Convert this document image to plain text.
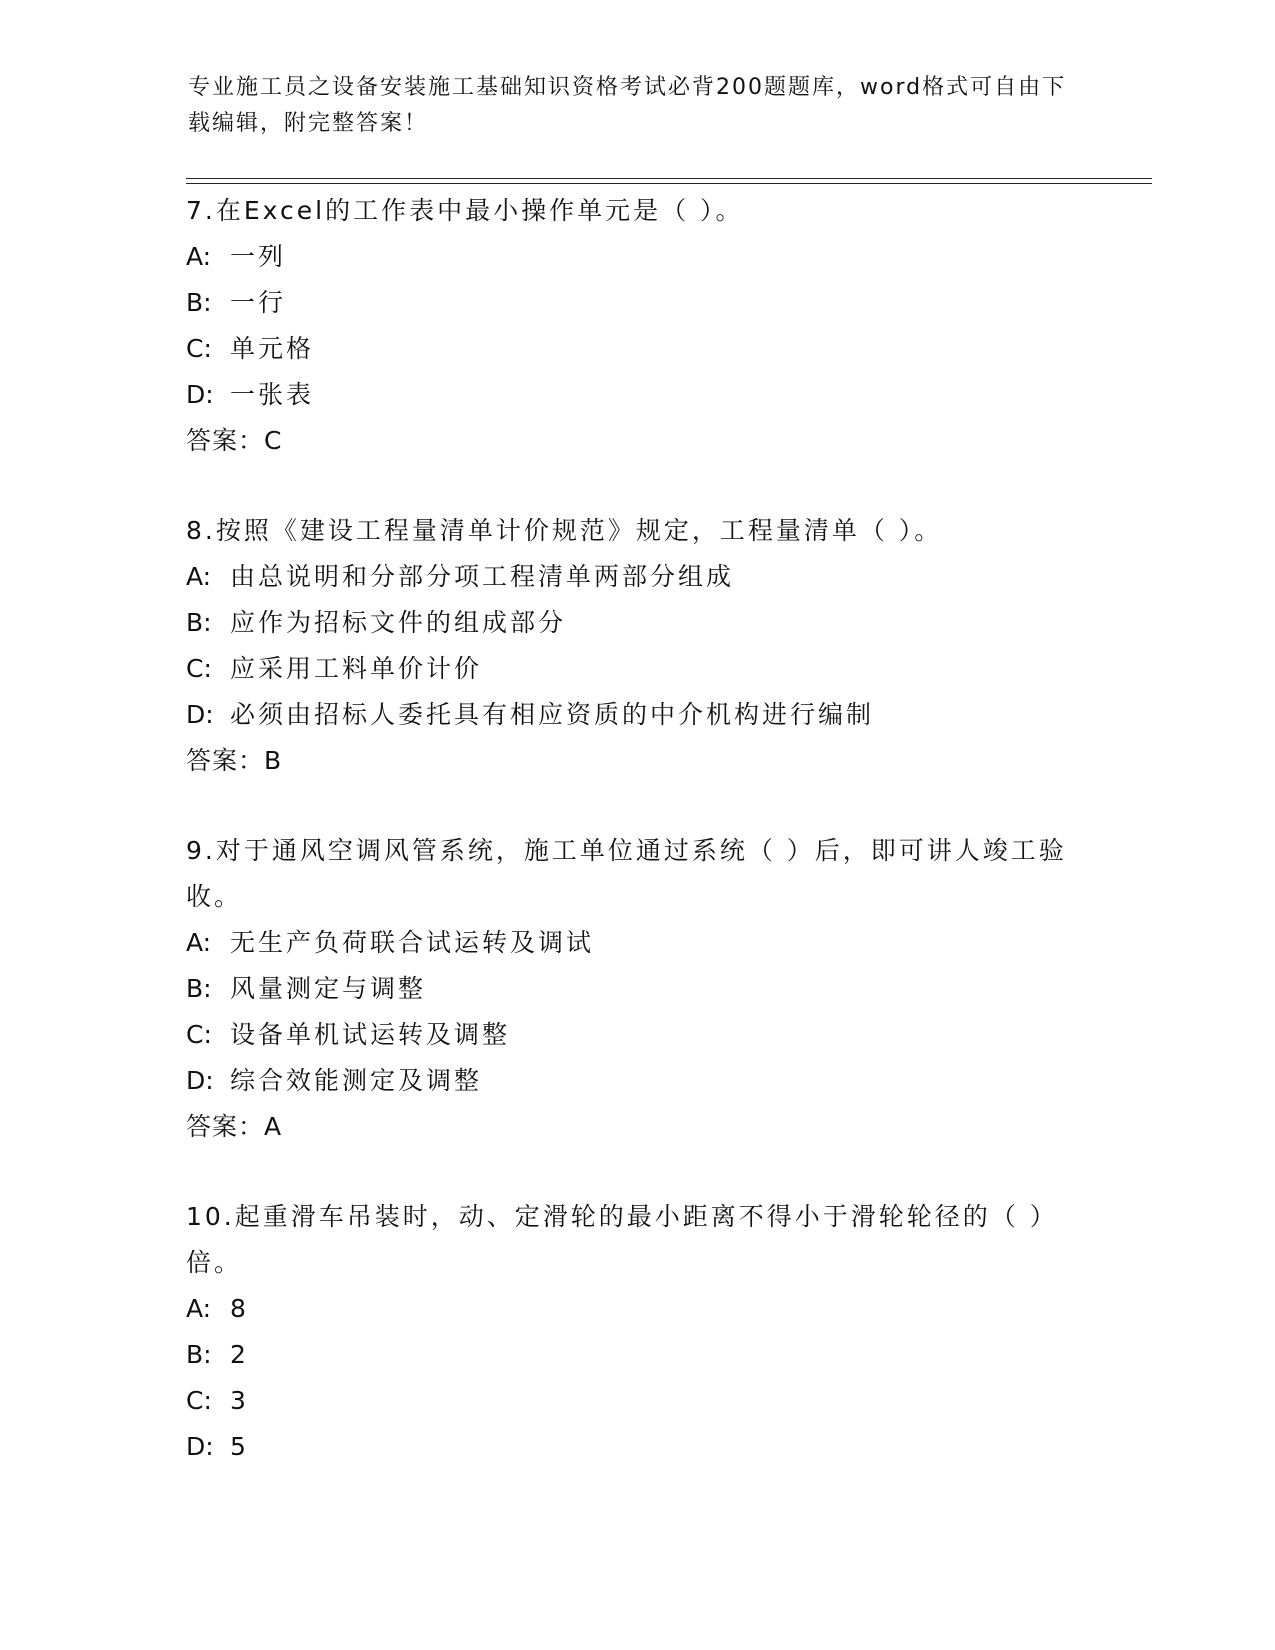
专业施工员之设备安装施工基础知识资格考试必背200题题库，word格式可自由下载编辑，附完整答案！

7.在Excel的工作表中最小操作单元是（ ）。

A: 一列

B: 一行

C: 单元格

D: 一张表

答案：C

8.按照《建设工程量清单计价规范》规定，工程量清单（ ）。

A: 由总说明和分部分项工程清单两部分组成

B: 应作为招标文件的组成部分

C: 应采用工料单价计价

D: 必须由招标人委托具有相应资质的中介机构进行编制

答案：B

9.对于通风空调风管系统，施工单位通过系统（ ）后，即可讲人竣工验收。

A: 无生产负荷联合试运转及调试

B: 风量测定与调整

C: 设备单机试运转及调整

D: 综合效能测定及调整

答案：A

10.起重滑车吊装时，动、定滑轮的最小距离不得小于滑轮轮径的（ ）倍。

A: 8

B: 2

C: 3

D: 5
